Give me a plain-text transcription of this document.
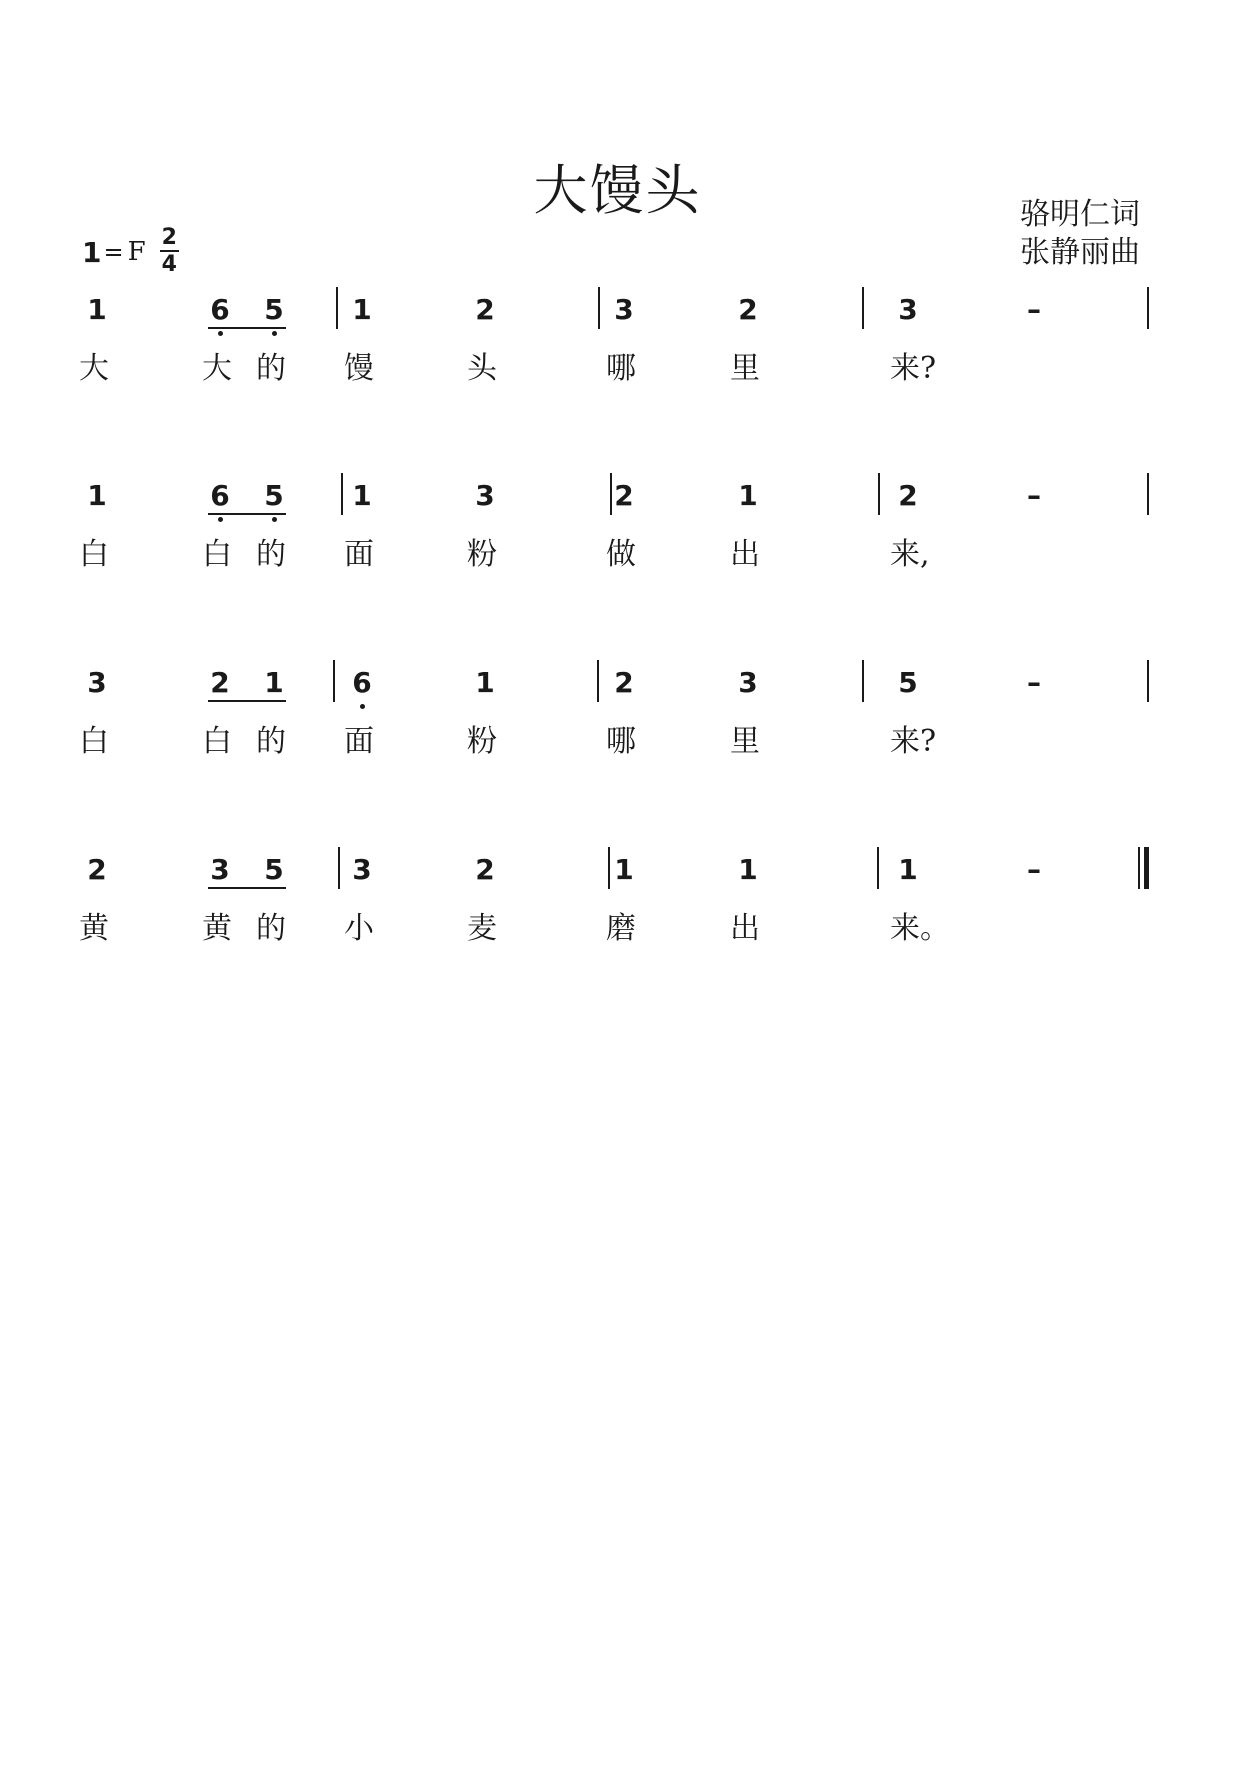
大馒头	骆明仁词
张静丽曲
1 = F $\frac{2}{4}$
1	6	5	1	2	3	2	3	–
大	大 的	馒	头	哪	里	来?
1	6	5	1	3	2	1	2	–
白	白 的	面	粉	做	出	来,
3	2	1	6	1	2	3	5	–
白	白 的	面	粉	哪	里	来?
2	3	5	3	2	1	1	1	–
黄	黄 的	小	麦	磨	出	来。
